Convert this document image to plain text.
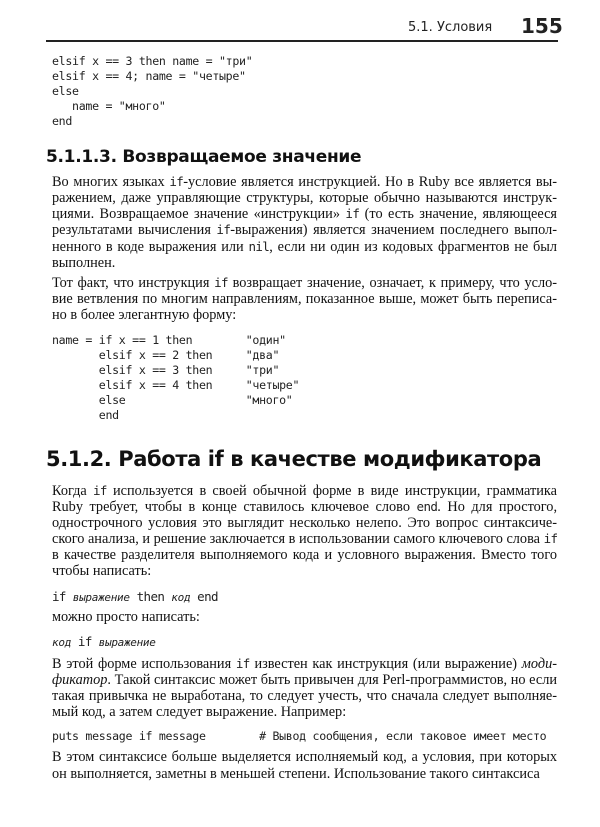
5.1. Условия 155
5.1.1.3. Возвращаемое значение
5.1.2. Работа if в качестве модификатора
elsif x == 3 then name = "три"
elsif x == 4; name = "четыре"
else
name = "много"
end
Во многих языках if-условие является инструкцией. Но в Ruby все является вы-
ражением, даже управляющие структуры, которые обычно называются инструк-
циями. Возвращаемое значение «инструкции» if (то есть значение, являющееся
результатами вычисления if-выражения) является значением последнего выпол-
ненного в коде выражения или nil, если ни один из кодовых фрагментов не был
выполнен.
Тот факт, что инструкция if возвращает значение, означает, к примеру, что усло-
вие ветвления по многим направлениям, показанное выше, может быть переписа-
но в более элегантную форму:
name = if x == 1 then        "один"
elsif x == 2 then     "два"
elsif x == 3 then     "три"
elsif x == 4 then     "четыре"
else                  "много"
end
Когда if используется в своей обычной форме в виде инструкции, грамматика
Ruby требует, чтобы в конце ставилось ключевое слово end. Но для простого,
однострочного условия это выглядит несколько нелепо. Это вопрос синтаксиче-
ского анализа, и решение заключается в использовании самого ключевого слова if
в качестве разделителя выполняемого кода и условного выражения. Вместо того
чтобы написать:
if выражение then код end
можно просто написать:
код if выражение
В этой форме использования if известен как инструкция (или выражение) моди-
фикатор. Такой синтаксис может быть привычен для Perl-программистов, но если
такая привычка не выработана, то следует учесть, что сначала следует выполняе-
мый код, а затем следует выражение. Например:
puts message if message        # Вывод сообщения, если таковое имеет место
В этом синтаксисе больше выделяется исполняемый код, а условия, при которых
он выполняется, заметны в меньшей степени. Использование такого синтаксиса
